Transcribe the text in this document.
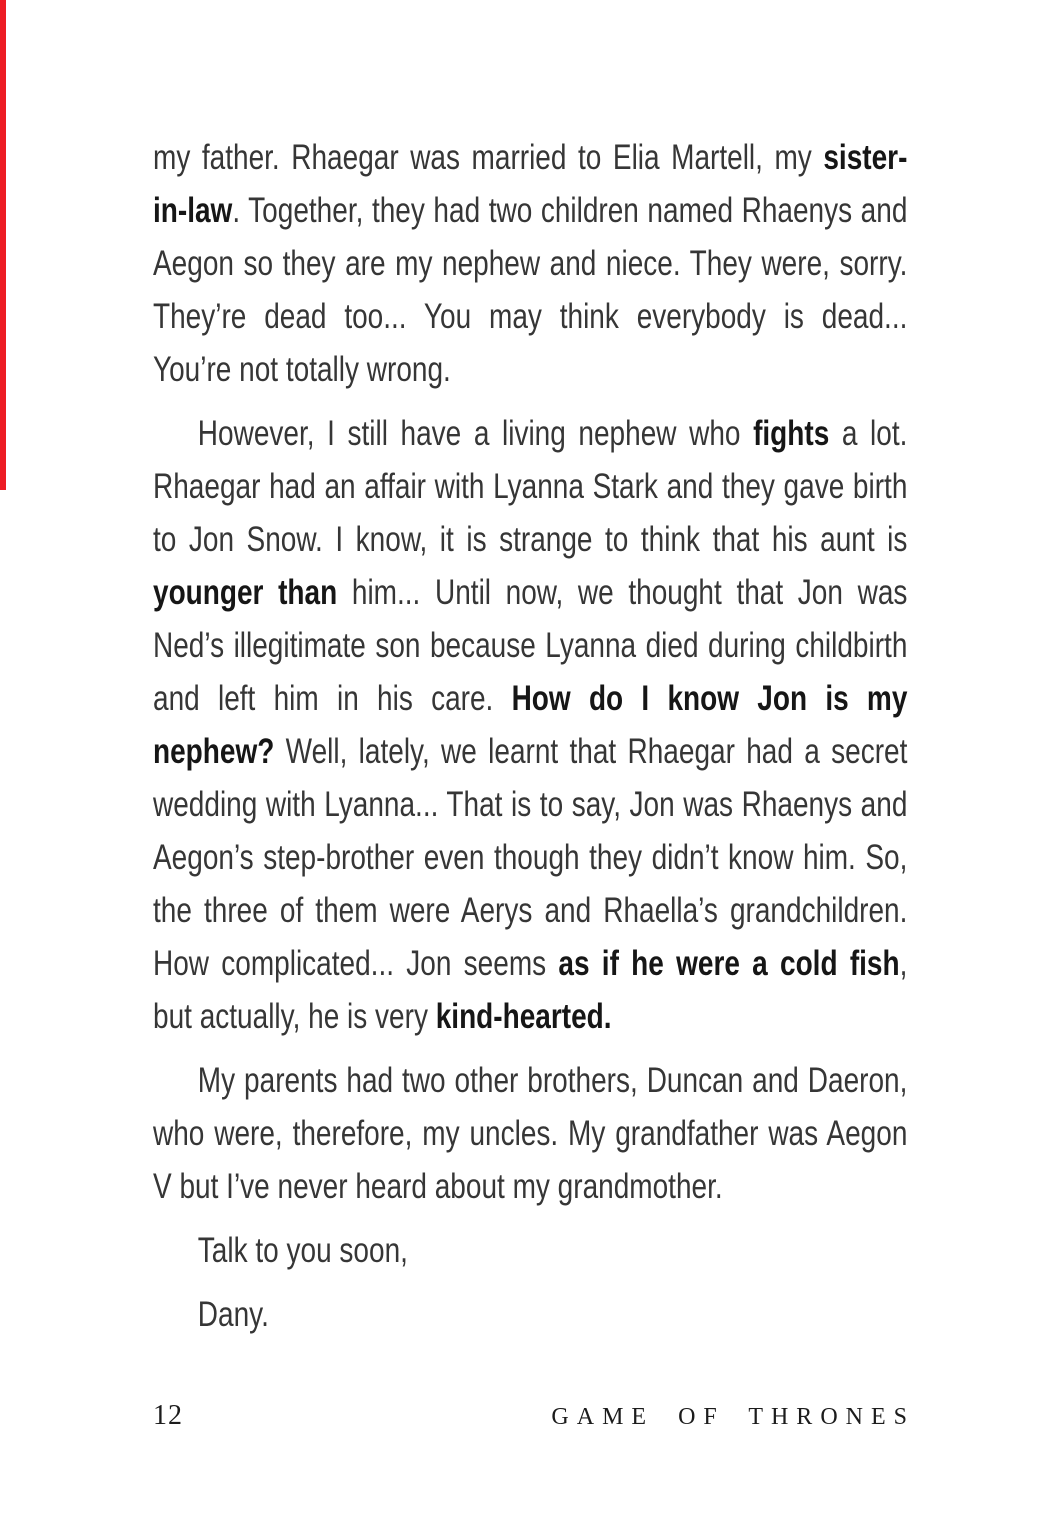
my father. Rhaegar was married to Elia Martell, my sister-in-law. Together, they had two children named Rhaenys and Aegon so they are my nephew and niece. They were, sorry. They’re dead too... You may think everybody is dead... You’re not totally wrong.

However, I still have a living nephew who fights a lot. Rhaegar had an affair with Lyanna Stark and they gave birth to Jon Snow. I know, it is strange to think that his aunt is younger than him... Until now, we thought that Jon was Ned’s illegitimate son because Lyanna died during childbirth and left him in his care. How do I know Jon is my nephew? Well, lately, we learnt that Rhaegar had a secret wedding with Lyanna... That is to say, Jon was Rhaenys and Aegon’s step-brother even though they didn’t know him. So, the three of them were Aerys and Rhaella’s grandchildren. How complicated... Jon seems as if he were a cold fish, but actually, he is very kind-hearted.

My parents had two other brothers, Duncan and Daeron, who were, therefore, my uncles. My grandfather was Aegon V but I’ve never heard about my grandmother.

Talk to you soon,

Dany.

12	GAME OF THRONES
